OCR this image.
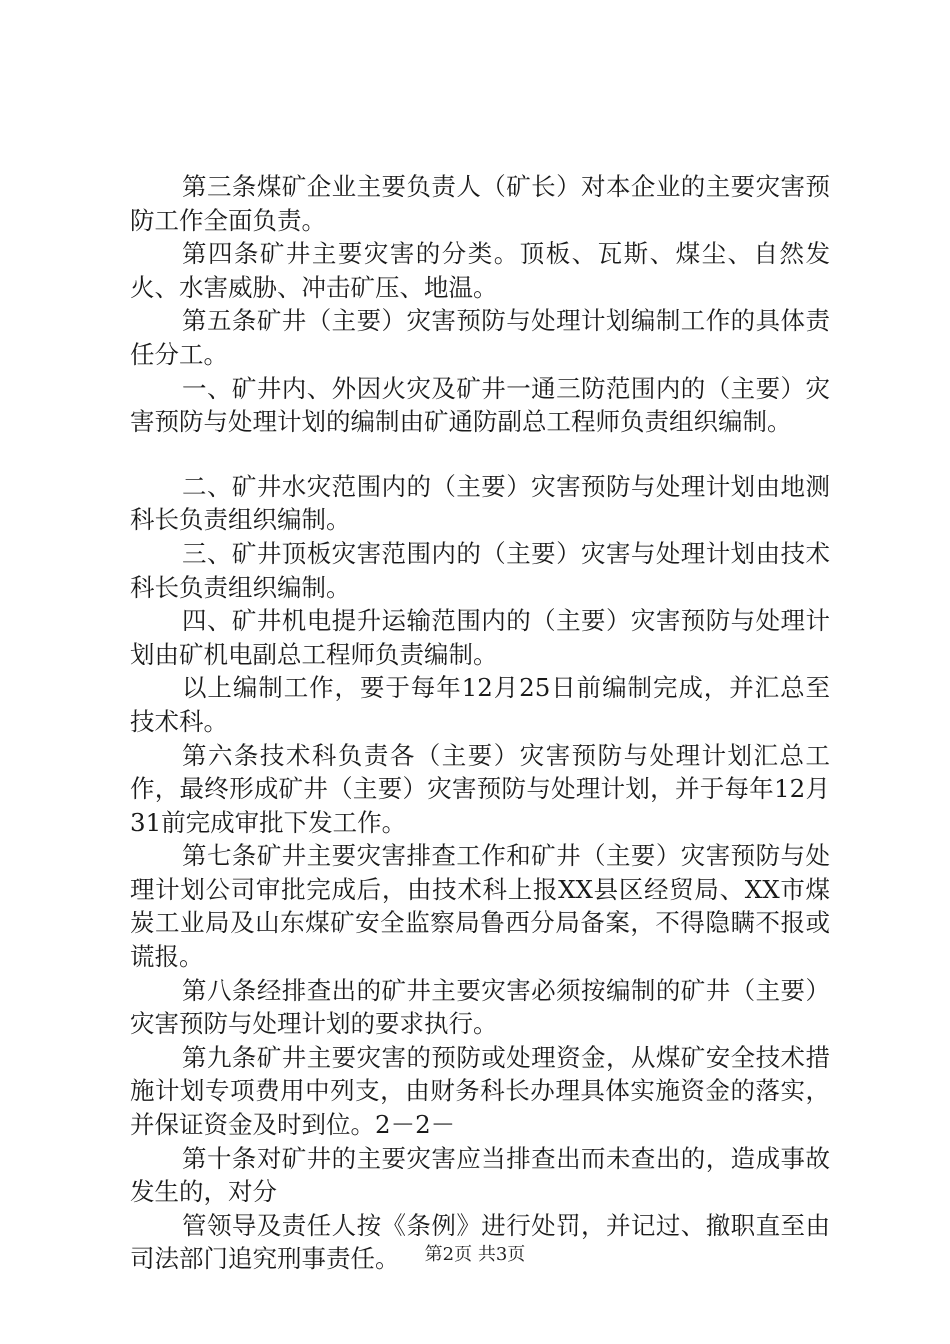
第三条煤矿企业主要负责人（矿长）对本企业的主要灾害预防工作全面负责。

第四条矿井主要灾害的分类。顶板、瓦斯、煤尘、自然发火、水害威胁、冲击矿压、地温。

第五条矿井（主要）灾害预防与处理计划编制工作的具体责任分工。

一、矿井内、外因火灾及矿井一通三防范围内的（主要）灾害预防与处理计划的编制由矿通防副总工程师负责组织编制。

二、矿井水灾范围内的（主要）灾害预防与处理计划由地测科长负责组织编制。

三、矿井顶板灾害范围内的（主要）灾害与处理计划由技术科长负责组织编制。

四、矿井机电提升运输范围内的（主要）灾害预防与处理计划由矿机电副总工程师负责编制。

以上编制工作，要于每年12月25日前编制完成，并汇总至技术科。

第六条技术科负责各（主要）灾害预防与处理计划汇总工作，最终形成矿井（主要）灾害预防与处理计划，并于每年12月31前完成审批下发工作。

第七条矿井主要灾害排查工作和矿井（主要）灾害预防与处理计划公司审批完成后，由技术科上报XX县区经贸局、XX市煤炭工业局及山东煤矿安全监察局鲁西分局备案，不得隐瞒不报或谎报。

第八条经排查出的矿井主要灾害必须按编制的矿井（主要）灾害预防与处理计划的要求执行。

第九条矿井主要灾害的预防或处理资金，从煤矿安全技术措施计划专项费用中列支，由财务科长办理具体实施资金的落实，并保证资金及时到位。2－2－

第十条对矿井的主要灾害应当排查出而未查出的，造成事故发生的，对分

管领导及责任人按《条例》进行处罚，并记过、撤职直至由司法部门追究刑事责任。	第2页 共3页
